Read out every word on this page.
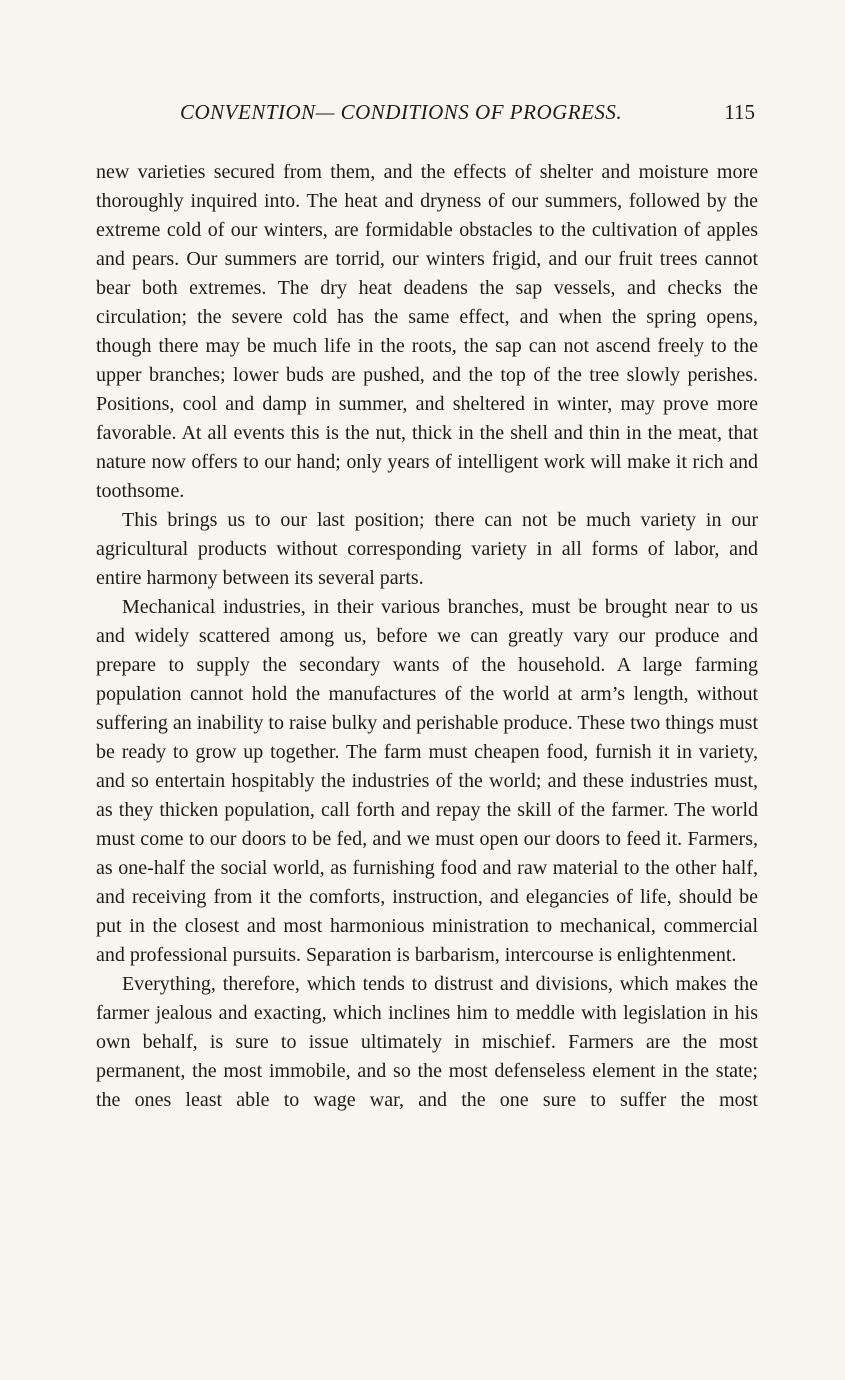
CONVENTION— CONDITIONS OF PROGRESS.	115

new varieties secured from them, and the effects of shelter and moisture more thoroughly inquired into. The heat and dryness of our summers, followed by the extreme cold of our winters, are formidable obstacles to the cultivation of apples and pears. Our summers are torrid, our winters frigid, and our fruit trees cannot bear both extremes. The dry heat deadens the sap vessels, and checks the circulation; the severe cold has the same effect, and when the spring opens, though there may be much life in the roots, the sap can not ascend freely to the upper branches; lower buds are pushed, and the top of the tree slowly perishes. Positions, cool and damp in summer, and sheltered in winter, may prove more favorable. At all events this is the nut, thick in the shell and thin in the meat, that nature now offers to our hand; only years of intelligent work will make it rich and toothsome.

This brings us to our last position; there can not be much variety in our agricultural products without corresponding variety in all forms of labor, and entire harmony between its several parts.

Mechanical industries, in their various branches, must be brought near to us and widely scattered among us, before we can greatly vary our produce and prepare to supply the secondary wants of the household. A large farming population cannot hold the manufactures of the world at arm’s length, without suffering an inability to raise bulky and perishable produce. These two things must be ready to grow up together. The farm must cheapen food, furnish it in variety, and so entertain hospitably the industries of the world; and these industries must, as they thicken population, call forth and repay the skill of the farmer. The world must come to our doors to be fed, and we must open our doors to feed it. Farmers, as one-half the social world, as furnishing food and raw material to the other half, and receiving from it the comforts, instruction, and elegancies of life, should be put in the closest and most harmonious ministration to mechanical, commercial and professional pursuits. Separation is barbarism, intercourse is enlightenment.

Everything, therefore, which tends to distrust and divisions, which makes the farmer jealous and exacting, which inclines him to meddle with legislation in his own behalf, is sure to issue ultimately in mischief. Farmers are the most permanent, the most immobile, and so the most defenseless element in the state; the ones least able to wage war, and the one sure to suffer the most
